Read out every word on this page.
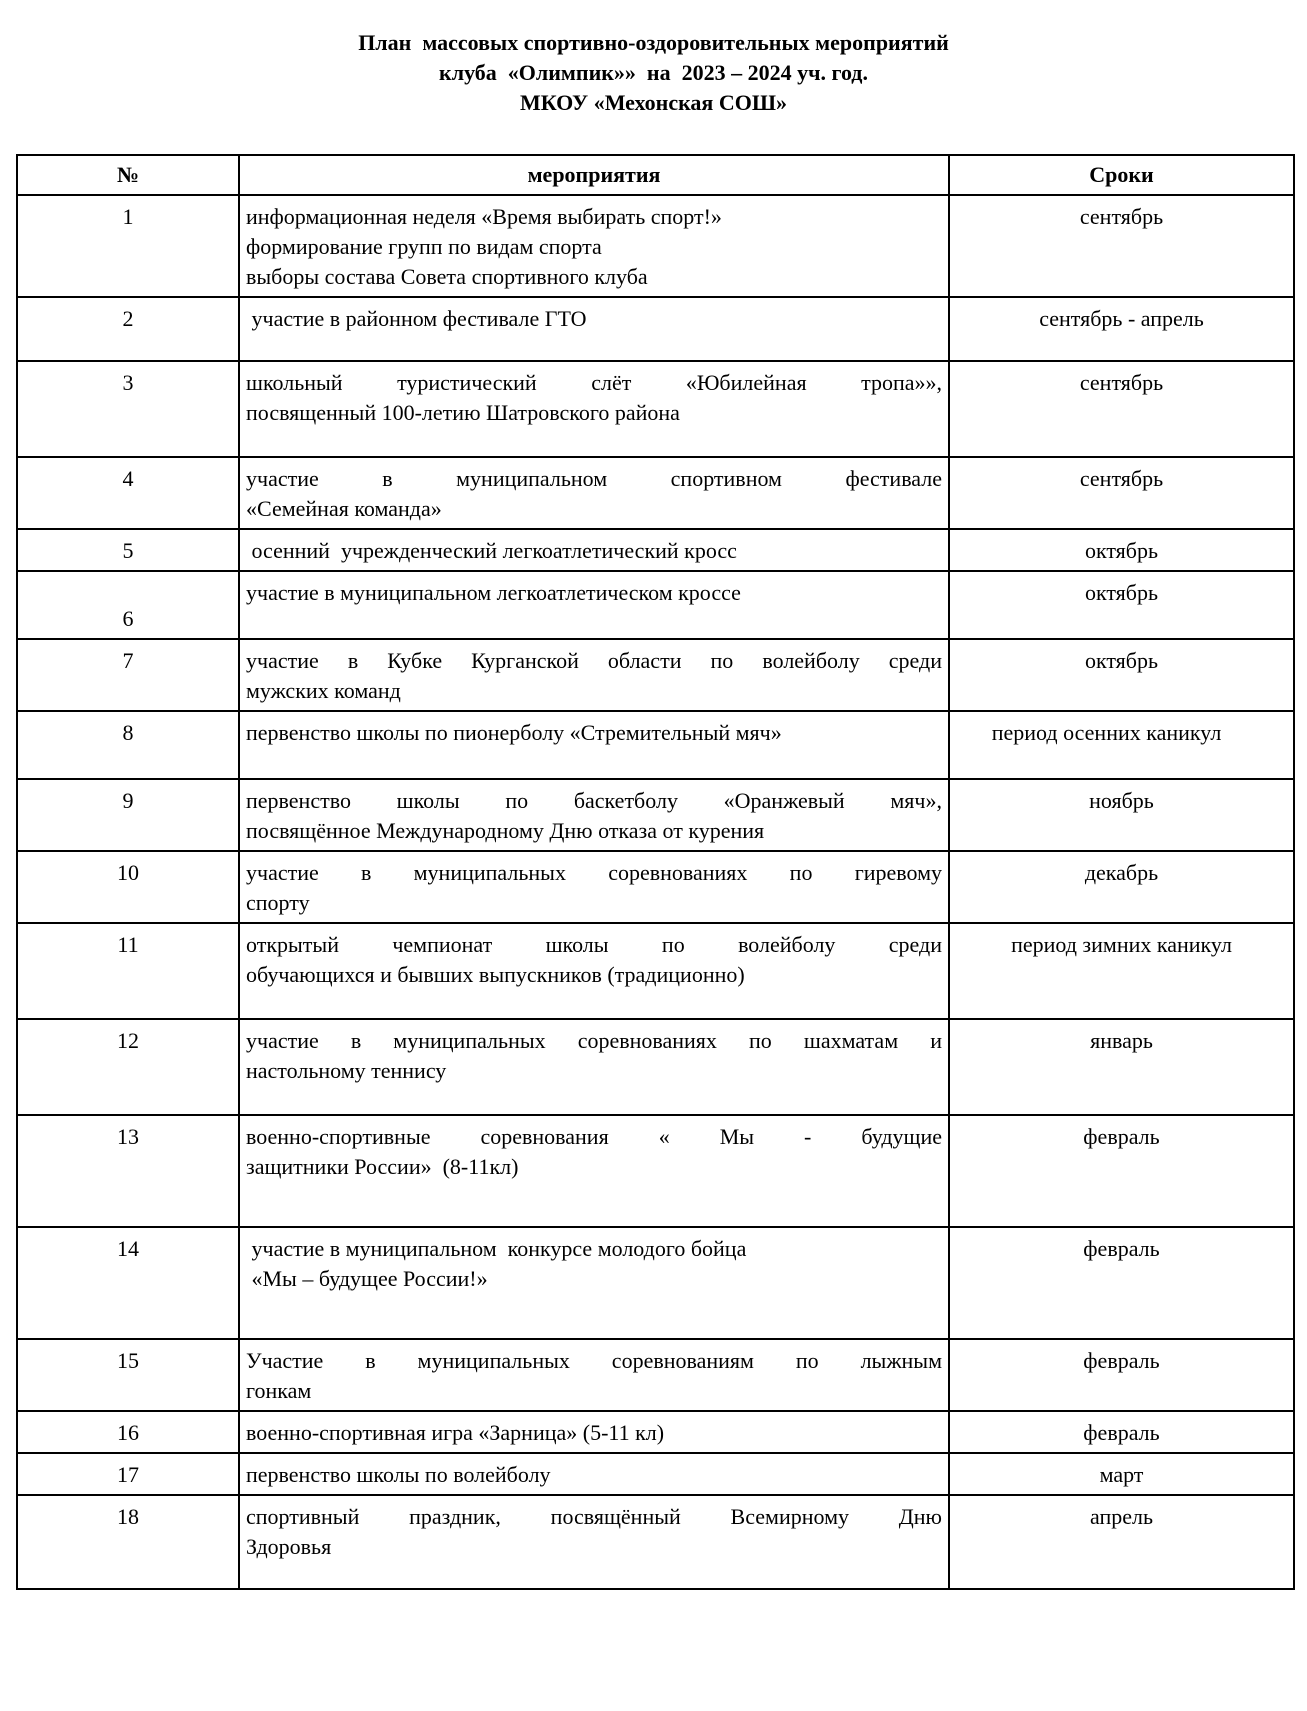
План  массовых спортивно-оздоровительных мероприятий
клуба  «Олимпик»»  на  2023 – 2024 уч. год.
МКОУ «Мехонская СОШ»
№	мероприятия	Сроки
1	информационная неделя «Время выбирать спорт!»
формирование групп по видам спорта
выборы состава Совета спортивного клуба	сентябрь
2	участие в районном фестивале ГТО	сентябрь - апрель
3	школьный туристический слёт «Юбилейная тропа»»,
посвященный 100-летию Шатровского района	сентябрь
4	участие в муниципальном спортивном фестивале
«Семейная команда»	сентябрь
5	осенний  учрежденческий легкоатлетический кросс	октябрь
6	участие в муниципальном легкоатлетическом кроссе	октябрь
7	участие в Кубке Курганской области по волейболу среди
мужских команд	октябрь
8	первенство школы по пионерболу «Стремительный мяч»	период осенних каникул
9	первенство школы по баскетболу «Оранжевый мяч»,
посвящённое Международному Дню отказа от курения	ноябрь
10	участие в муниципальных соревнованиях по гиревому
спорту	декабрь
11	открытый чемпионат школы по волейболу среди
обучающихся и бывших выпускников (традиционно)	период зимних каникул
12	участие в муниципальных соревнованиях по шахматам и
настольному теннису	январь
13	военно-спортивные соревнования « Мы - будущие
защитники России»  (8-11кл)	февраль
14	участие в муниципальном  конкурсе молодого бойца
«Мы – будущее России!»	февраль
15	Участие в муниципальных соревнованиям по лыжным
гонкам	февраль
16	военно-спортивная игра «Зарница» (5-11 кл)	февраль
17	первенство школы по волейболу	март
18	спортивный праздник, посвящённый Всемирному Дню
Здоровья	апрель
